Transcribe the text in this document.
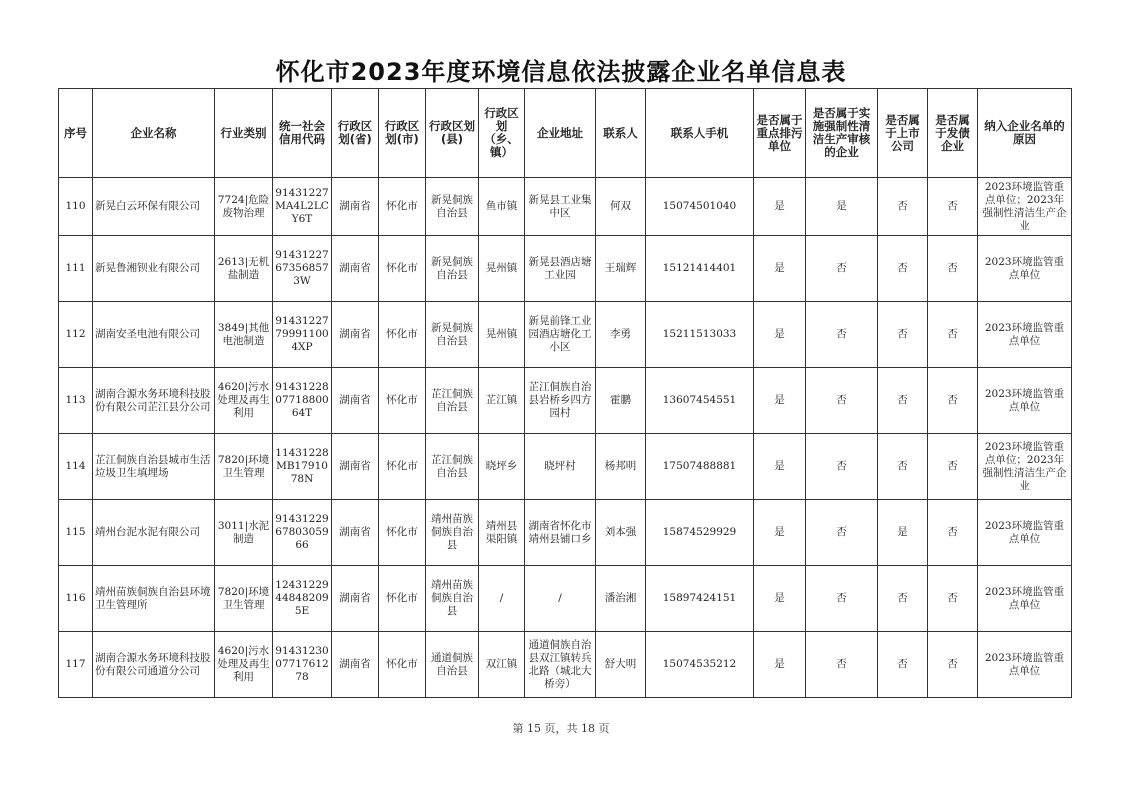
怀化市2023年度环境信息依法披露企业名单信息表
序号	企业名称	行业类别	统一社会信用代码	行政区划(省)	行政区划(市)	行政区划(县)	行政区划（乡、镇）	企业地址	联系人	联系人手机	是否属于重点排污单位	是否属于实施强制性清洁生产审核的企业	是否属于上市公司	是否属于发债企业	纳入企业名单的原因
110	新晃白云环保有限公司	7724|危险废物治理	91431227MA4L2LCY6T	湖南省	怀化市	新晃侗族自治县	鱼市镇	新晃县工业集中区	何双	15074501040	是	是	否	否	2023环境监管重点单位；2023年强制性清洁生产企业
111	新晃鲁湘钡业有限公司	2613|无机盐制造	91431227673568573W	湖南省	怀化市	新晃侗族自治县	晃州镇	新晃县酒店塘工业园	王瑞辉	15121414401	是	否	否	否	2023环境监管重点单位
112	湖南安圣电池有限公司	3849|其他电池制造	91431227799911004XP	湖南省	怀化市	新晃侗族自治县	晃州镇	新晃前锋工业园酒店塘化工小区	李勇	15211513033	是	否	否	否	2023环境监管重点单位
113	湖南合源水务环境科技股份有限公司芷江县分公司	4620|污水处理及再生利用	914312280771880064T	湖南省	怀化市	芷江侗族自治县	芷江镇	芷江侗族自治县岩桥乡四方园村	霍鹏	13607454551	是	否	否	否	2023环境监管重点单位
114	芷江侗族自治县城市生活垃圾卫生填埋场	7820|环境卫生管理	11431228MB1791078N	湖南省	怀化市	芷江侗族自治县	晓坪乡	晓坪村	杨邦明	17507488881	是	否	否	否	2023环境监管重点单位；2023年强制性清洁生产企业
115	靖州台泥水泥有限公司	3011|水泥制造	914312296780305966	湖南省	怀化市	靖州苗族侗族自治县	靖州县渠阳镇	湖南省怀化市靖州县铺口乡	刘本强	15874529929	是	否	是	否	2023环境监管重点单位
116	靖州苗族侗族自治县环境卫生管理所	7820|环境卫生管理	12431229448482095E	湖南省	怀化市	靖州苗族侗族自治县	/	/	潘治湘	15897424151	是	否	否	否	2023环境监管重点单位
117	湖南合源水务环境科技股份有限公司通道分公司	4620|污水处理及再生利用	914312300771761278	湖南省	怀化市	通道侗族自治县	双江镇	通道侗族自治县双江镇转兵北路（城北大桥旁）	舒大明	15074535212	是	否	否	否	2023环境监管重点单位
第 15 页，共 18 页
